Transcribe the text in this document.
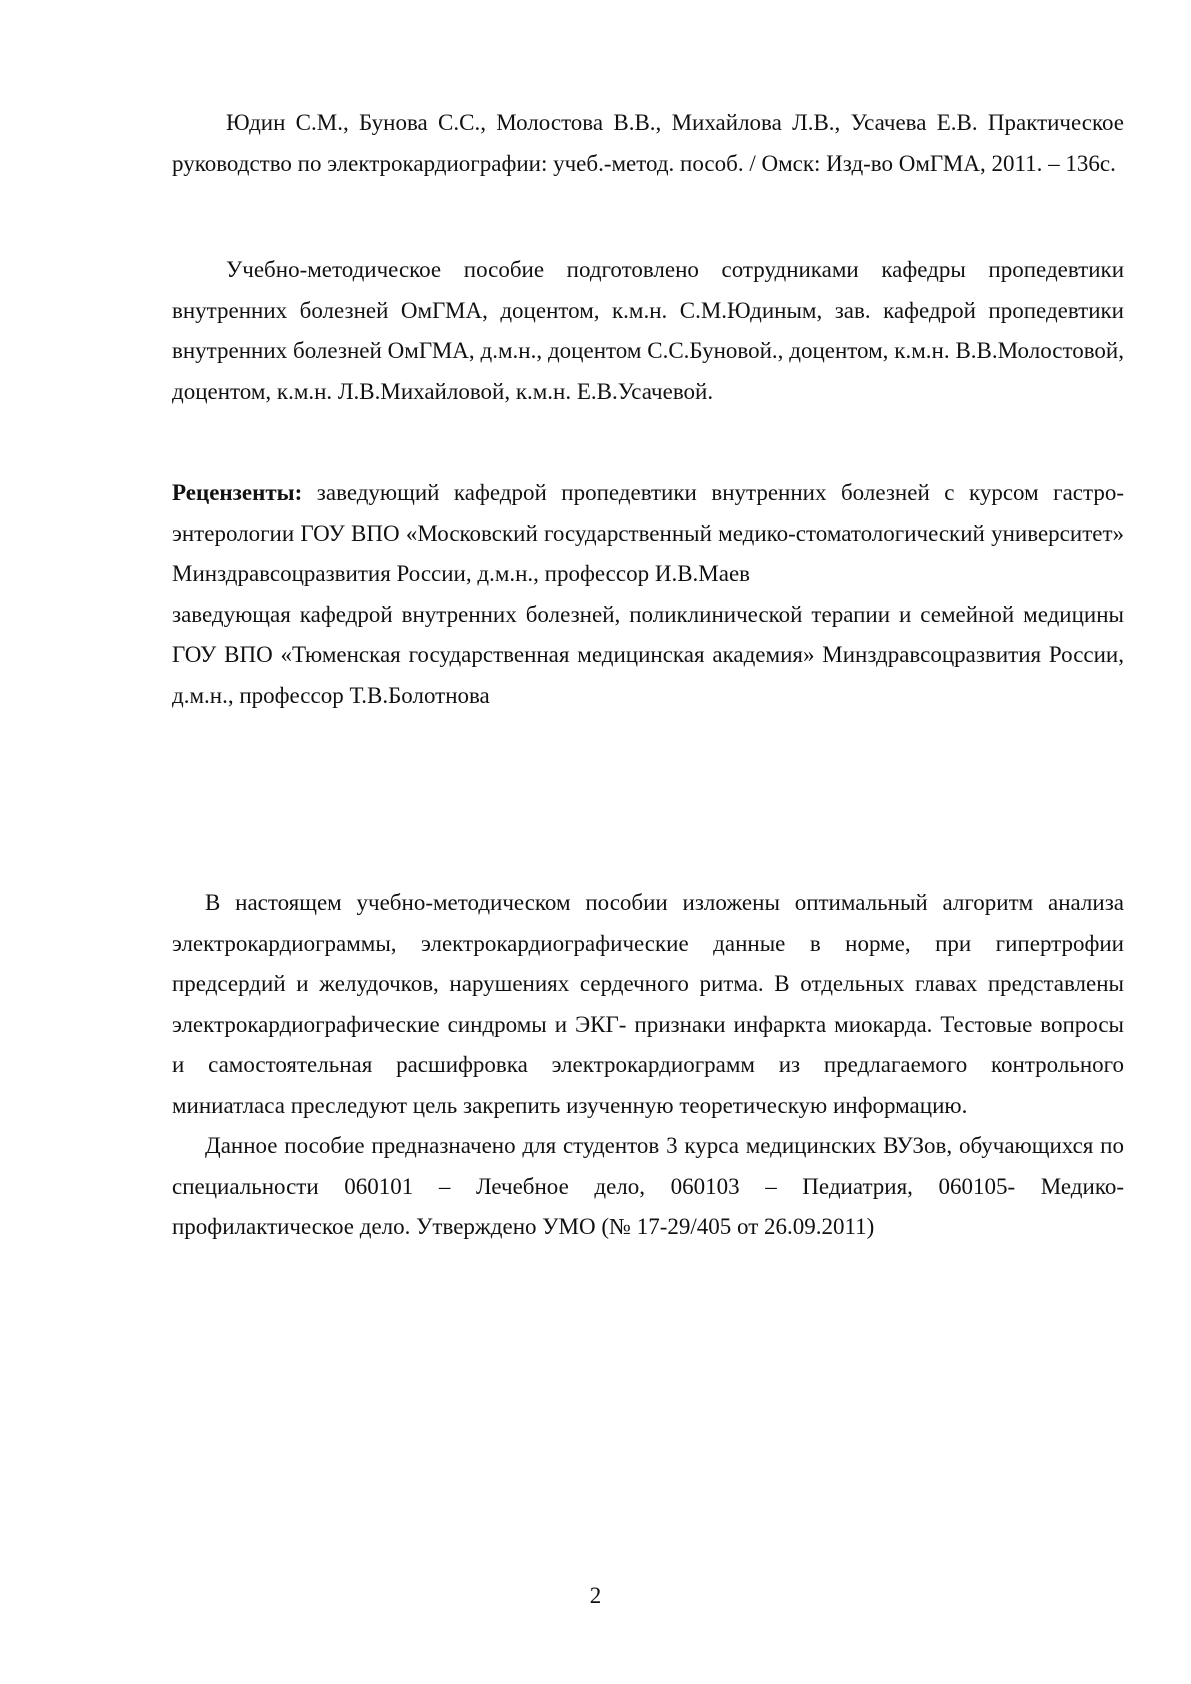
Юдин С.М., Бунова С.С., Молостова В.В., Михайлова Л.В., Усачева Е.В. Практическое руководство по электрокардиографии: учеб.-метод. пособ. / Омск: Изд-во ОмГМА, 2011. – 136с.

Учебно-методическое пособие подготовлено сотрудниками кафедры пропедевтики внутренних болезней ОмГМА, доцентом, к.м.н. С.М.Юдиным, зав. кафедрой пропедевтики внутренних болезней ОмГМА, д.м.н., доцентом С.С.Буновой., доцентом, к.м.н. В.В.Молостовой, доцентом, к.м.н. Л.В.Михайловой, к.м.н. Е.В.Усачевой.

Рецензенты: заведующий кафедрой пропедевтики внутренних болезней с курсом гастроэнтерологии ГОУ ВПО «Московский государственный медико-стоматологический университет» Минздравсоцразвития России, д.м.н., профессор И.В.Маев

заведующая кафедрой внутренних болезней, поликлинической терапии и семейной медицины ГОУ ВПО «Тюменская государственная медицинская академия» Минздравсоцразвития России, д.м.н., профессор Т.В.Болотнова

В настоящем учебно-методическом пособии изложены оптимальный алгоритм анализа электрокардиограммы, электрокардиографические данные в норме, при гипертрофии предсердий и желудочков, нарушениях сердечного ритма. В отдельных главах представлены электрокардиографические синдромы и ЭКГ- признаки инфаркта миокарда. Тестовые вопросы и самостоятельная расшифровка электрокардиограмм из предлагаемого контрольного миниатласа преследуют цель закрепить изученную теоретическую информацию.

Данное пособие предназначено для студентов 3 курса медицинских ВУЗов, обучающихся по специальности 060101 – Лечебное дело, 060103 – Педиатрия, 060105- Медико-профилактическое дело. Утверждено УМО (№ 17-29/405 от 26.09.2011)

2
